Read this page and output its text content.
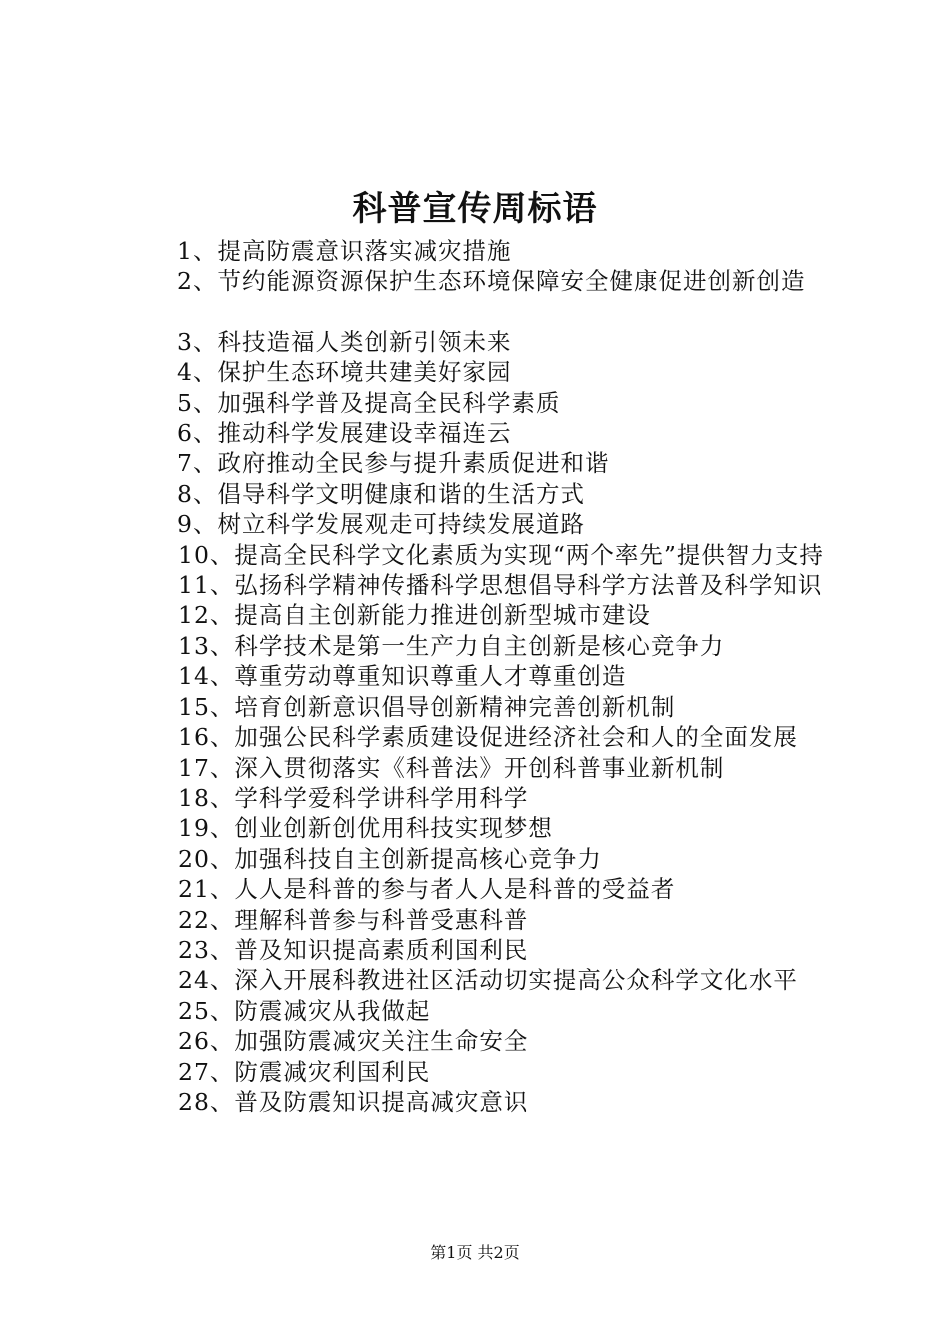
科普宣传周标语
1、提高防震意识落实减灾措施
2、节约能源资源保护生态环境保障安全健康促进创新创造
3、科技造福人类创新引领未来
4、保护生态环境共建美好家园
5、加强科学普及提高全民科学素质
6、推动科学发展建设幸福连云
7、政府推动全民参与提升素质促进和谐
8、倡导科学文明健康和谐的生活方式
9、树立科学发展观走可持续发展道路
10、提高全民科学文化素质为实现“两个率先”提供智力支持
11、弘扬科学精神传播科学思想倡导科学方法普及科学知识
12、提高自主创新能力推进创新型城市建设
13、科学技术是第一生产力自主创新是核心竞争力
14、尊重劳动尊重知识尊重人才尊重创造
15、培育创新意识倡导创新精神完善创新机制
16、加强公民科学素质建设促进经济社会和人的全面发展
17、深入贯彻落实《科普法》开创科普事业新机制
18、学科学爱科学讲科学用科学
19、创业创新创优用科技实现梦想
20、加强科技自主创新提高核心竞争力
21、人人是科普的参与者人人是科普的受益者
22、理解科普参与科普受惠科普
23、普及知识提高素质利国利民
24、深入开展科教进社区活动切实提高公众科学文化水平
25、防震减灾从我做起
26、加强防震减灾关注生命安全
27、防震减灾利国利民
28、普及防震知识提高减灾意识
第1页 共2页
